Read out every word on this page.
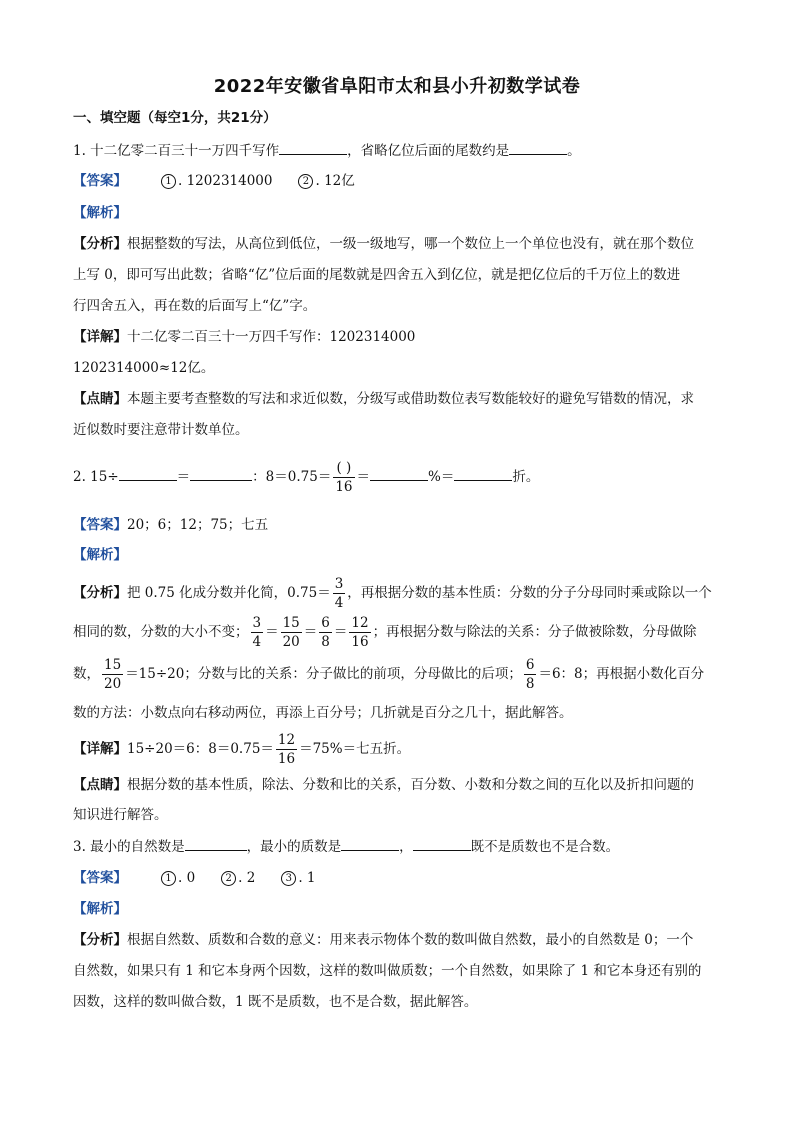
2022年安徽省阜阳市太和县小升初数学试卷
一、填空题（每空1分，共21分）
1. 十二亿零二百三十一万四千写作	，省略亿位后面的尾数约是	。
【答案】	1 . 1202314000	2 . 12亿
【解析】
【分析】根据整数的写法，从高位到低位，一级一级地写，哪一个数位上一个单位也没有，就在那个数位
上写 0，即可写出此数；省略“亿”位后面的尾数就是四舍五入到亿位，就是把亿位后的千万位上的数进
行四舍五入，再在数的后面写上“亿”字。
【详解】十二亿零二百三十一万四千写作：1202314000
1202314000≈12亿。
【点睛】本题主要考查整数的写法和求近似数，分级写或借助数位表写数能较好的避免写错数的情况，求
近似数时要注意带计数单位。
2. 15÷	＝	：$8=0.75= \frac{( )}{16}$ ＝	%＝	折。
【答案】20；6；12；75；七五
【解析】
【分析】把 0.75 化成分数并化简，$0.75= \frac{3}{4}$ ，再根据分数的基本性质：分数的分子分母同时乘或除以一个
相同的数，分数的大小不变； $\frac{3}{4} = \frac{15}{20} = \frac{6}{8} = \frac{12}{16}$ ；再根据分数与除法的关系：分子做被除数，分母做除
数， $\frac{15}{20} =15\div 20$；分数与比的关系：分子做比的前项，分母做比的后项； $\frac{6}{8} =6$：8；再根据小数化百分
数的方法：小数点向右移动两位，再添上百分号；几折就是百分之几十，据此解答。
【详解】15÷20＝6：$8=0.75= \frac{12}{16} =75\%=$七五折。
【点睛】根据分数的基本性质，除法、分数和比的关系，百分数、小数和分数之间的互化以及折扣问题的
知识进行解答。
3. 最小的自然数是	，最小的质数是	，	既不是质数也不是合数。
【答案】	1 . 0	2 . 2	3 . 1
【解析】
【分析】根据自然数、质数和合数的意义：用来表示物体个数的数叫做自然数，最小的自然数是 0；一个
自然数，如果只有 1 和它本身两个因数，这样的数叫做质数；一个自然数，如果除了 1 和它本身还有别的
因数，这样的数叫做合数，1 既不是质数，也不是合数，据此解答。
